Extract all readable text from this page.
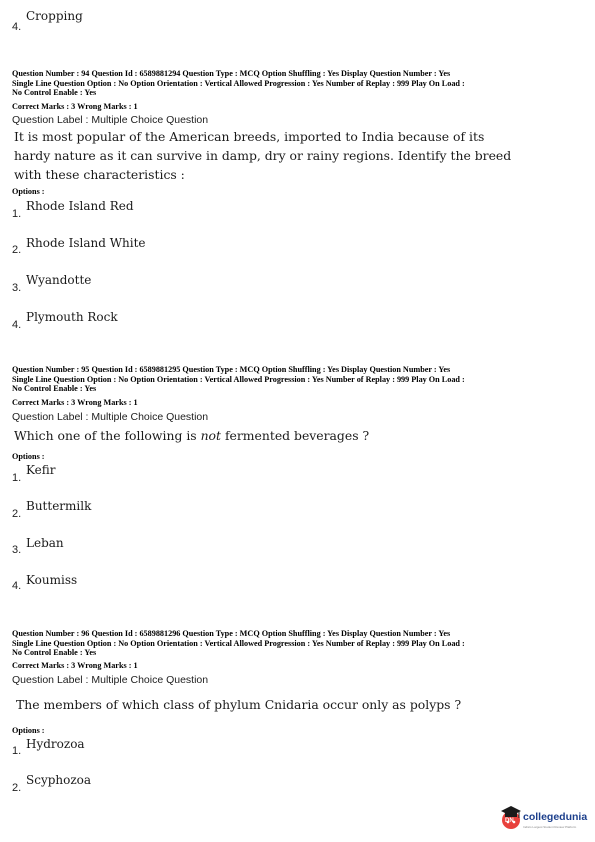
4.
Cropping
Question Number : 94 Question Id : 6589881294 Question Type : MCQ Option Shuffling : Yes Display Question Number : Yes
Single Line Question Option : No Option Orientation : Vertical Allowed Progression : Yes Number of Replay : 999 Play On Load :
No Control Enable : Yes
Correct Marks : 3 Wrong Marks : 1
Question Label : Multiple Choice Question
It is most popular of the American breeds, imported to India because of its
hardy nature as it can survive in damp, dry or rainy regions. Identify the breed
with these characteristics :
Options :
1.
Rhode Island Red
2. Rhode Island White
3.
Wyandotte
4.
Plymouth Rock
Question Number : 95 Question Id : 6589881295 Question Type : MCQ Option Shuffling : Yes Display Question Number : Yes
Single Line Question Option : No Option Orientation : Vertical Allowed Progression : Yes Number of Replay : 999 Play On Load :
No Control Enable : Yes
Correct Marks : 3 Wrong Marks : 1
Question Label : Multiple Choice Question
Which one of the following is not fermented beverages ?
Options :
1.
Kefir
2.
Buttermilk
3. Leban
4. Koumiss
Question Number : 96 Question Id : 6589881296 Question Type : MCQ Option Shuffling : Yes Display Question Number : Yes
Single Line Question Option : No Option Orientation : Vertical Allowed Progression : Yes Number of Replay : 999 Play On Load :
No Control Enable : Yes
Correct Marks : 3 Wrong Marks : 1
Question Label : Multiple Choice Question
The members of which class of phylum Cnidaria occur only as polyps ?
Options :
1. Hydrozoa
2.
Scyphozoa
DN collegedunia
India's Largest Student Review Platform
